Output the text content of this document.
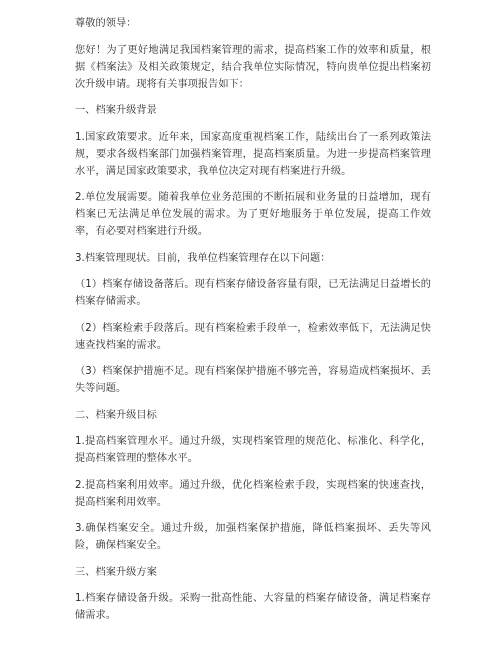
尊敬的领导：

您好！为了更好地满足我国档案管理的需求，提高档案工作的效率和质量，根据《档案法》及相关政策规定，结合我单位实际情况，特向贵单位提出档案初次升级申请。现将有关事项报告如下：

一、档案升级背景

1.国家政策要求。近年来，国家高度重视档案工作，陆续出台了一系列政策法规，要求各级档案部门加强档案管理，提高档案质量。为进一步提高档案管理水平，满足国家政策要求，我单位决定对现有档案进行升级。

2.单位发展需要。随着我单位业务范围的不断拓展和业务量的日益增加，现有档案已无法满足单位发展的需求。为了更好地服务于单位发展，提高工作效率，有必要对档案进行升级。

3.档案管理现状。目前，我单位档案管理存在以下问题：

（1）档案存储设备落后。现有档案存储设备容量有限，已无法满足日益增长的档案存储需求。

（2）档案检索手段落后。现有档案检索手段单一，检索效率低下，无法满足快速查找档案的需求。

（3）档案保护措施不足。现有档案保护措施不够完善，容易造成档案损坏、丢失等问题。

二、档案升级目标

1.提高档案管理水平。通过升级，实现档案管理的规范化、标准化、科学化，提高档案管理的整体水平。

2.提高档案利用效率。通过升级，优化档案检索手段，实现档案的快速查找，提高档案利用效率。

3.确保档案安全。通过升级，加强档案保护措施，降低档案损坏、丢失等风险，确保档案安全。

三、档案升级方案

1.档案存储设备升级。采购一批高性能、大容量的档案存储设备，满足档案存储需求。
